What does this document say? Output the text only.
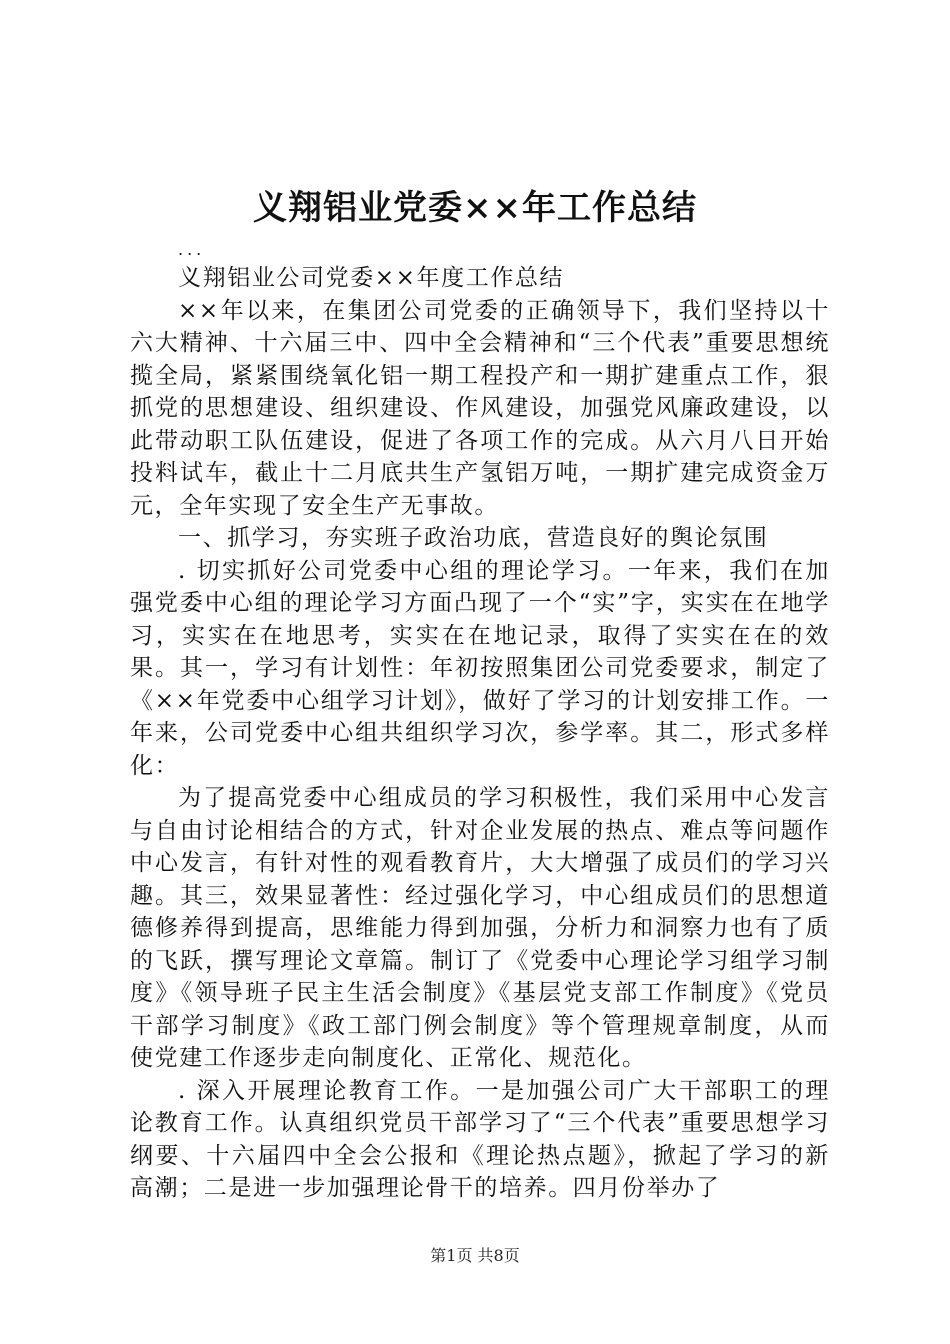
义翔铝业党委××年工作总结

...

义翔铝业公司党委××年度工作总结

××年以来，在集团公司党委的正确领导下，我们坚持以十六大精神、十六届三中、四中全会精神和“三个代表”重要思想统揽全局，紧紧围绕氧化铝一期工程投产和一期扩建重点工作，狠抓党的思想建设、组织建设、作风建设，加强党风廉政建设，以此带动职工队伍建设，促进了各项工作的完成。从六月八日开始投料试车，截止十二月底共生产氢铝万吨，一期扩建完成资金万元，全年实现了安全生产无事故。

一、抓学习，夯实班子政治功底，营造良好的舆论氛围

. 切实抓好公司党委中心组的理论学习。一年来，我们在加强党委中心组的理论学习方面凸现了一个“实”字，实实在在地学习，实实在在地思考，实实在在地记录，取得了实实在在的效果。其一，学习有计划性：年初按照集团公司党委要求，制定了《××年党委中心组学习计划》，做好了学习的计划安排工作。一年来，公司党委中心组共组织学习次，参学率。其二，形式多样化：

为了提高党委中心组成员的学习积极性，我们采用中心发言与自由讨论相结合的方式，针对企业发展的热点、难点等问题作中心发言，有针对性的观看教育片，大大增强了成员们的学习兴趣。其三，效果显著性：经过强化学习，中心组成员们的思想道德修养得到提高，思维能力得到加强，分析力和洞察力也有了质的飞跃，撰写理论文章篇。制订了《党委中心理论学习组学习制度》《领导班子民主生活会制度》《基层党支部工作制度》《党员干部学习制度》《政工部门例会制度》等个管理规章制度，从而使党建工作逐步走向制度化、正常化、规范化。

. 深入开展理论教育工作。一是加强公司广大干部职工的理论教育工作。认真组织党员干部学习了“三个代表”重要思想学习纲要、十六届四中全会公报和《理论热点题》，掀起了学习的新高潮；二是进一步加强理论骨干的培养。四月份举办了

第1页 共8页
